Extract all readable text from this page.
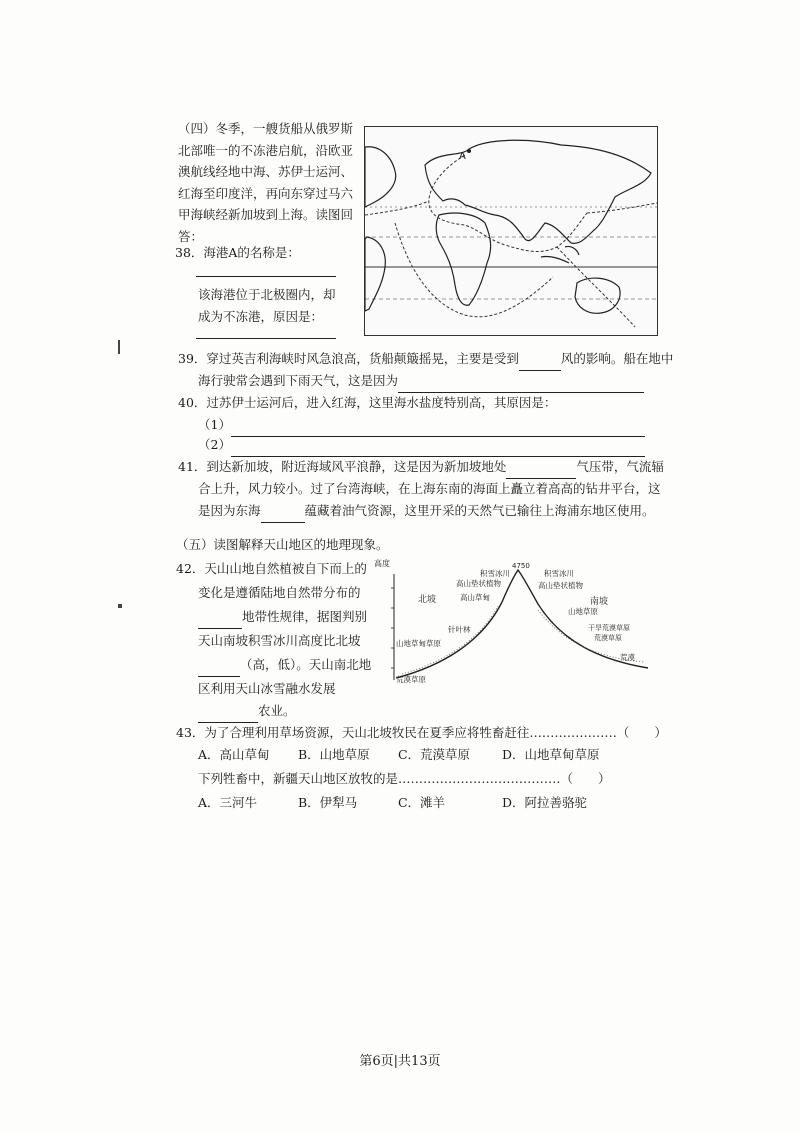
（四）冬季，一艘货船从俄罗斯北部唯一的不冻港启航，沿欧亚澳航线经地中海、苏伊士运河、红海至印度洋，再向东穿过马六甲海峡经新加坡到上海。读图回答：
38．海港A的名称是：
该海港位于北极圈内，却成为不冻港，原因是：
A
39．穿过英吉利海峡时风急浪高，货船颠簸摇晃，主要是受到	风的影响。船在地中
海行驶常会遇到下雨天气，这是因为
40．过苏伊士运河后，进入红海，这里海水盐度特别高，其原因是：
（1）
（2）
41．到达新加坡，附近海域风平浪静，这是因为新加坡地处	气压带，气流辐
合上升，风力较小。过了台湾海峡，在上海东南的海面上矗立着高高的钻井平台，这
是因为东海	蕴藏着油气资源，这里开采的天然气已输往上海浦东地区使用。
（五）读图解释天山地区的地理现象。
42．天山山地自然植被自下而上的
变化是遵循陆地自然带分布的
地带性规律，据图判别
天山南坡积雪冰川高度比北坡
（高，低）。天山南北地
区利用天山冰雪融水发展
农业。
高度	4750
北坡	南坡
积雪冰川
高山垫状植物
高山草甸
针叶林
山地草甸草原
荒漠草原
积雪冰川
高山垫状植物
山地草原
干旱荒漠草原
荒漠草原
荒漠
43．为了合理利用草场资源，天山北坡牧民在夏季应将牲畜赶往…………………（　　）
A．高山草甸 B．山地草原 C．荒漠草原	D．山地草甸草原
下列牲畜中，新疆天山地区放牧的是…………………………………（　　）
A．三河牛	B．伊犁马	C．滩羊	D．阿拉善骆驼
第6页|共13页
